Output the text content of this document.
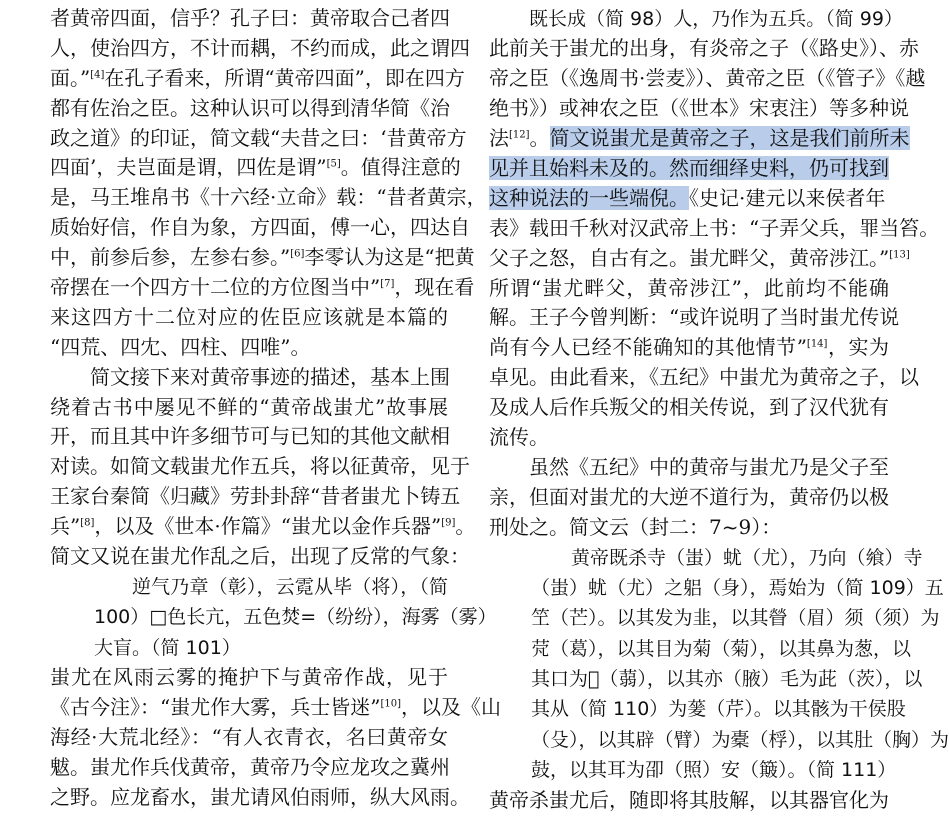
者黄帝四面，信乎？孔子曰：黄帝取合己者四
人，使治四方，不计而耦，不约而成，此之谓四
面。”[4]在孔子看来，所谓“黄帝四面”，即在四方
都有佐治之臣。这种认识可以得到清华简《治
政之道》的印证，简文载“夫昔之曰：‘昔黄帝方
四面’，夫岂面是谓，四佐是谓”[5]。值得注意的
是，马王堆帛书《十六经·立命》载：“昔者黄宗，
质始好信，作自为象，方四面，傅一心，四达自
中，前参后参，左参右参。”[6]李零认为这是“把黄
帝摆在一个四方十二位的方位图当中”[7]，现在看
来这四方十二位对应的佐臣应该就是本篇的
“四荒、四冘、四柱、四唯”。
简文接下来对黄帝事迹的描述，基本上围
绕着古书中屡见不鲜的“黄帝战蚩尤”故事展
开，而且其中许多细节可与已知的其他文献相
对读。如简文载蚩尤作五兵，将以征黄帝，见于
王家台秦简《归藏》劳卦卦辞“昔者蚩尤卜铸五
兵”[8]，以及《世本·作篇》“蚩尤以金作兵器”[9]。
简文又说在蚩尤作乱之后，出现了反常的气象：
逆气乃章（彰），云霓从毕（将），（简
100）□色长亢，五色焚=（纷纷），海雾（雾）
大盲。（简 101）
蚩尤在风雨云雾的掩护下与黄帝作战，见于
《古今注》：“蚩尤作大雾，兵士皆迷”[10]，以及《山
海经·大荒北经》：“有人衣青衣，名曰黄帝女
魃。蚩尤作兵伐黄帝，黄帝乃令应龙攻之冀州
之野。应龙畜水，蚩尤请风伯雨师，纵大风雨。
既长成（简 98）人，乃作为五兵。（简 99）
此前关于蚩尤的出身，有炎帝之子（《路史》）、赤
帝之臣（《逸周书·尝麦》）、黄帝之臣（《管子》《越
绝书》）或神农之臣（《世本》宋衷注）等多种说
法[12]。简文说蚩尤是黄帝之子，这是我们前所未
见并且始料未及的。然而细绎史料，仍可找到
这种说法的一些端倪。《史记·建元以来侯者年
表》载田千秋对汉武帝上书：“子弄父兵，罪当笞。
父子之怒，自古有之。蚩尤畔父，黄帝涉江。”[13]
所谓“蚩尤畔父，黄帝涉江”，此前均不能确
解。王子今曾判断：“或许说明了当时蚩尤传说
尚有今人已经不能确知的其他情节”[14]，实为
卓见。由此看来，《五纪》中蚩尤为黄帝之子，以
及成人后作兵叛父的相关传说，到了汉代犹有
流传。
虽然《五纪》中的黄帝与蚩尤乃是父子至
亲，但面对蚩尤的大逆不道行为，黄帝仍以极
刑处之。简文云（封二：7~9）：
黄帝既杀寺（蚩）蚘（尤），乃向（飨）寺
（蚩）蚘（尤）之躳（身），焉始为（简 109）五
笁（芒）。以其发为韭，以其䁝（眉）须（须）为
䒮（葛），以其目为菊（菊），以其鼻为葱，以
其口为𦭘（蒻），以其亦（腋）毛为茈（茨），以
其从（简 110）为蓌（芹）。以其骸为干侯股
（殳），以其辟（臂）为橐（桴），以其肚（胸）为
鼓，以其耳为卲（照）安（簸）。（简 111）
黄帝杀蚩尤后，随即将其肢解，以其器官化为
